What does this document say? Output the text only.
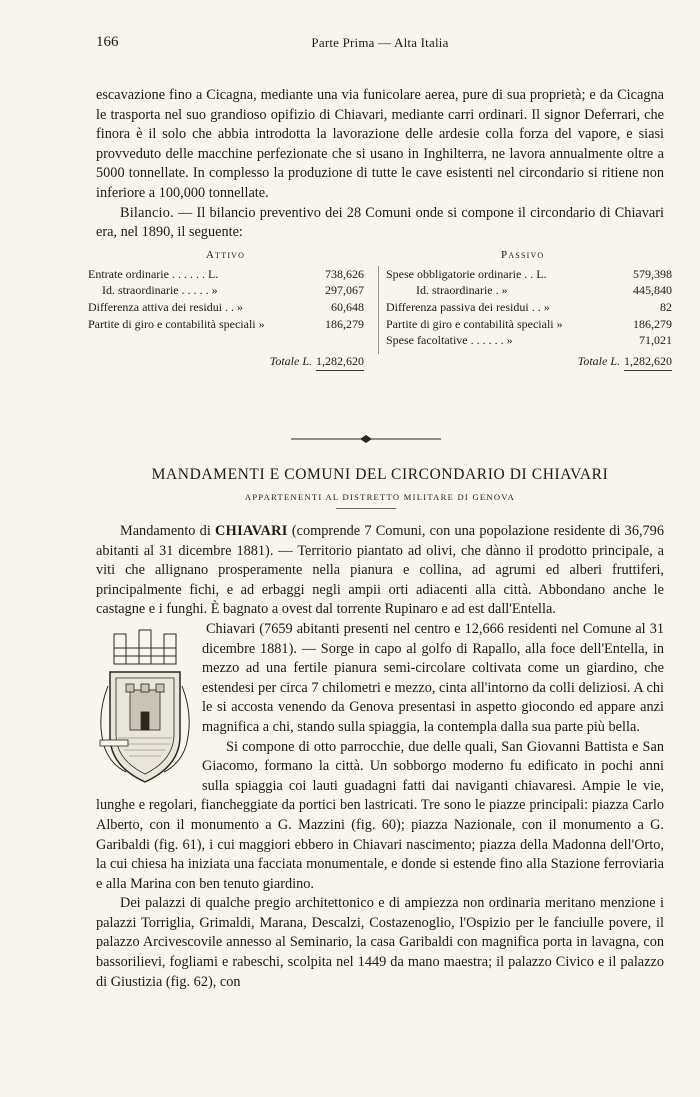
166	Parte Prima — Alta Italia

escavazione fino a Cicagna, mediante una via funicolare aerea, pure di sua proprietà; e da Cicagna le trasporta nel suo grandioso opifizio di Chiavari, mediante carri ordinari. Il signor Deferrari, che finora è il solo che abbia introdotta la lavorazione delle ardesie colla forza del vapore, e siasi provveduto delle macchine perfezionate che si usano in Inghilterra, ne lavora annualmente oltre a 5000 tonnellate. In complesso la produzione di tutte le cave esistenti nel circondario si ritiene non inferiore a 100,000 tonnellate.

Bilancio. — Il bilancio preventivo dei 28 Comuni onde si compone il circondario di Chiavari era, nel 1890, il seguente:

Attivo	Passivo
Entrate ordinarie . . . . . . L.	738,626
Id. straordinarie . . . . . »	297,067
Differenza attiva dei residui . . »	60,648
Partite di giro e contabilità speciali »	186,279
Totale L. 1,282,620
Spese obbligatorie ordinarie . . L.	579,398
Id. straordinarie . »	445,840
Differenza passiva dei residui . . »	82
Partite di giro e contabilità speciali »	186,279
Spese facoltative . . . . . . »	71,021
Totale L. 1,282,620
MANDAMENTI E COMUNI DEL CIRCONDARIO DI CHIAVARI
APPARTENENTI AL DISTRETTO MILITARE DI GENOVA

Mandamento di CHIAVARI (comprende 7 Comuni, con una popolazione residente di 36,796 abitanti al 31 dicembre 1881). — Territorio piantato ad olivi, che dànno il prodotto principale, a viti che allignano prosperamente nella pianura e collina, ad agrumi ed alberi fruttiferi, principalmente fichi, e ad erbaggi negli ampii orti adiacenti alla città. Abbondano anche le castagne e i funghi. È bagnato a ovest dal torrente Rupinaro e ad est dall'Entella.

Chiavari (7659 abitanti presenti nel centro e 12,666 residenti nel Comune al 31 dicembre 1881). — Sorge in capo al golfo di Rapallo, alla foce dell'Entella, in mezzo ad una fertile pianura semi-circolare coltivata come un giardino, che estendesi per circa 7 chilometri e mezzo, cinta all'intorno da colli deliziosi. A chi le si accosta venendo da Genova presentasi in aspetto giocondo ed appare anzi magnifica a chi, stando sulla spiaggia, la contempla dalla sua parte più bella.

Si compone di otto parrocchie, due delle quali, San Giovanni Battista e San Giacomo, formano la città. Un sobborgo moderno fu edificato in pochi anni sulla spiaggia coi lauti guadagni fatti dai naviganti chiavaresi. Ampie le vie, lunghe e regolari, fiancheggiate da portici ben lastricati. Tre sono le piazze principali: piazza Carlo Alberto, con il monumento a G. Mazzini (fig. 60); piazza Nazionale, con il monumento a G. Garibaldi (fig. 61), i cui maggiori ebbero in Chiavari nascimento; piazza della Madonna dell'Orto, la cui chiesa ha iniziata una facciata monumentale, e donde si estende fino alla Stazione ferroviaria e alla Marina con ben tenuto giardino.

Dei palazzi di qualche pregio architettonico e di ampiezza non ordinaria meritano menzione i palazzi Torriglia, Grimaldi, Marana, Descalzi, Costazenoglio, l'Ospizio per le fanciulle povere, il palazzo Arcivescovile annesso al Seminario, la casa Garibaldi con magnifica porta in lavagna, con bassorilievi, fogliami e rabeschi, scolpita nel 1449 da mano maestra; il palazzo Civico e il palazzo di Giustizia (fig. 62), con
